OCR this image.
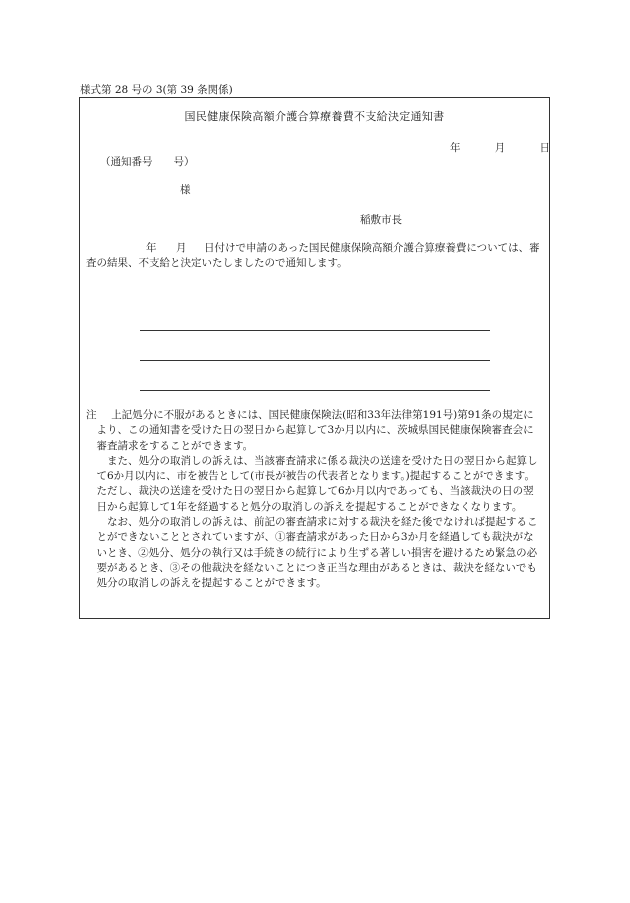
様式第 28 号の 3(第 39 条関係)
国民健康保険高額介護合算療養費不支給決定通知書
年	月	日
（通知番号　　号）
様
稲敷市長
年 月 日付けで申請のあった国民健康保険高額介護合算療養費については、審査の結果、不支給と決定いたしましたので通知します。

注 上記処分に不服があるときには、国民健康保険法(昭和33年法律第191号)第91条の規定により、この通知書を受けた日の翌日から起算して3か月以内に、茨城県国民健康保険審査会に審査請求をすることができます。

また、処分の取消しの訴えは、当該審査請求に係る裁決の送達を受けた日の翌日から起算して6か月以内に、市を被告として(市長が被告の代表者となります。)提起することができます。ただし、裁決の送達を受けた日の翌日から起算して6か月以内であっても、当該裁決の日の翌日から起算して1年を経過すると処分の取消しの訴えを提起することができなくなります。

なお、処分の取消しの訴えは、前記の審査請求に対する裁決を経た後でなければ提起することができないこととされていますが、①審査請求があった日から3か月を経過しても裁決がないとき、②処分、処分の執行又は手続きの続行により生ずる著しい損害を避けるため緊急の必要があるとき、③その他裁決を経ないことにつき正当な理由があるときは、裁決を経ないでも処分の取消しの訴えを提起することができます。
